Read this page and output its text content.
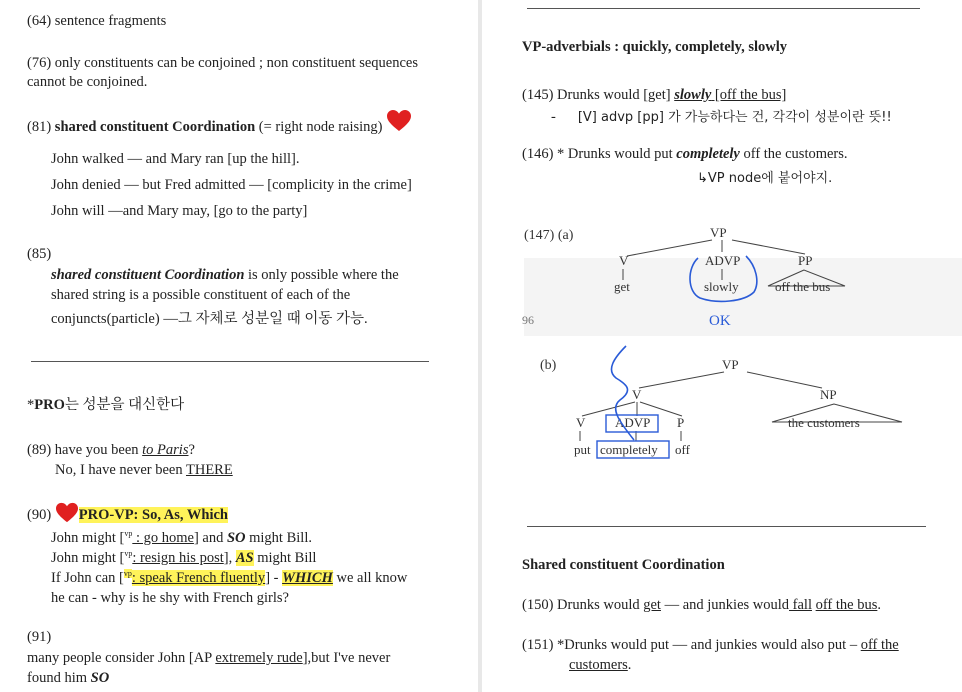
(64) sentence fragments
(76) only constituents can be conjoined ; non constituent sequences
cannot be conjoined.
(81) shared constituent Coordination (= right node raising)
John walked — and Mary ran [up the hill].
John denied — but Fred admitted — [complicity in the crime]
John will —and Mary may, [go to the party]
(85)
shared constituent Coordination is only possible where the
shared string is a possible constituent of each of the
conjuncts(particle) —그 자체로 성분일 때 이동 가능.
*PRO는 성분을 대신한다
(89) have you been to Paris?
No, I have never been THERE
(90) PRO-VP: So, As, Which
John might [$^{vp}$ : go home] and SO might Bill.
John might [$^{vp}$: resign his post], AS might Bill
If John can [$^{vp}$: speak French fluently] - WHICH we all know
he can - why is he shy with French girls?
(91)
many people consider John [AP extremely rude],but I've never
found him SO
VP-adverbials : quickly, completely, slowly
(145) Drunks would [get] slowly [off the bus]
- [V] advp [pp] 가 가능하다는 건, 각각이 성분이란 뜻!!
(146) * Drunks would put completely off the customers.
↳VP node에 붙어야지.
(147) (a)	VP
V	ADVP	PP
get	slowly	off the bus
96	OK
(b)	VP
V	NP
V ADVP P	the customers
put completely off
Shared constituent Coordination
(150) Drunks would get — and junkies would fall off the bus.
(151) *Drunks would put — and junkies would also put – off the
customers.
